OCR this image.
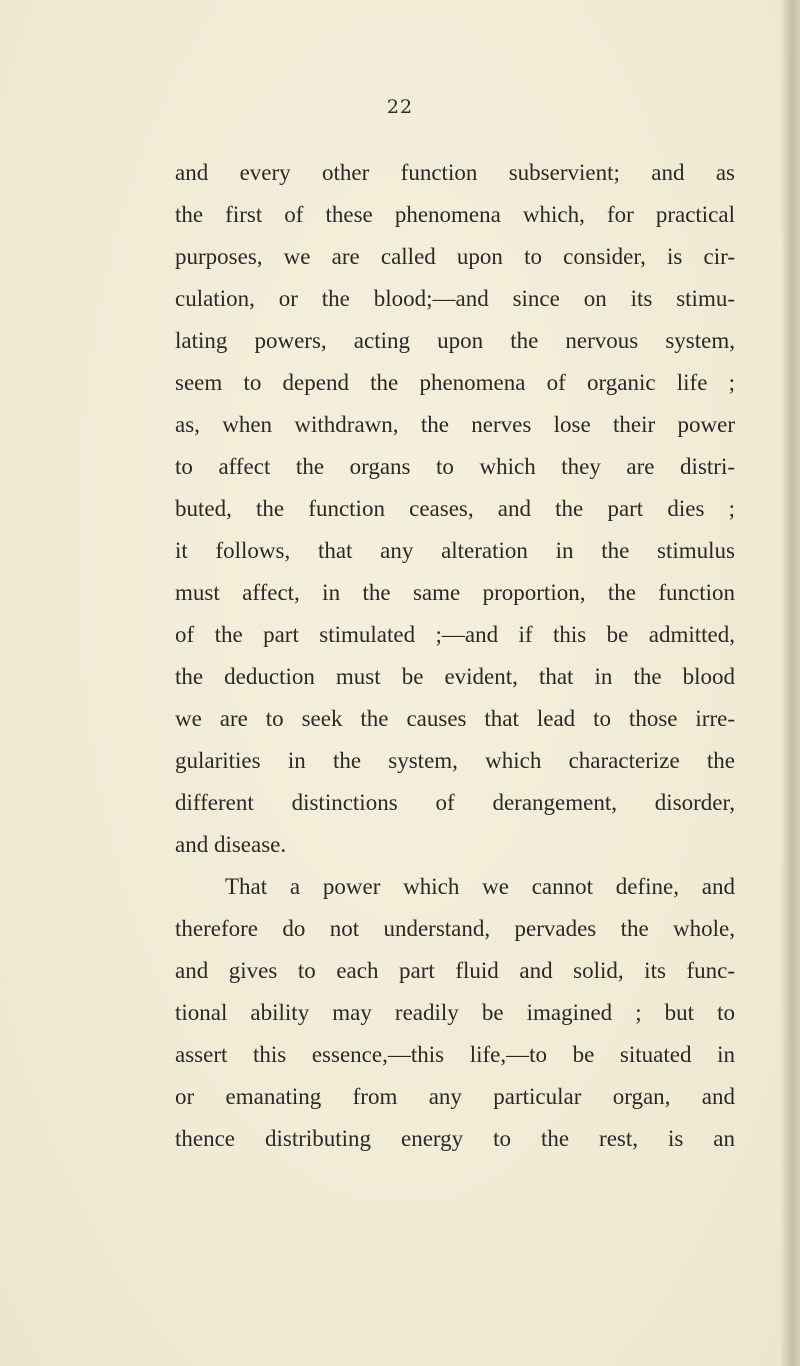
22
and every other function subservient; and as
the first of these phenomena which, for practical
purposes, we are called upon to consider, is cir-
culation, or the blood;—and since on its stimu-
lating powers, acting upon the nervous system,
seem to depend the phenomena of organic life ;
as, when withdrawn, the nerves lose their power
to affect the organs to which they are distri-
buted, the function ceases, and the part dies ;
it follows, that any alteration in the stimulus
must affect, in the same proportion, the function
of the part stimulated ;—and if this be admitted,
the deduction must be evident, that in the blood
we are to seek the causes that lead to those irre-
gularities in the system, which characterize the
different distinctions of derangement, disorder,
and disease.
That a power which we cannot define, and
therefore do not understand, pervades the whole,
and gives to each part fluid and solid, its func-
tional ability may readily be imagined ; but to
assert this essence,—this life,—to be situated in
or emanating from any particular organ, and
thence distributing energy to the rest, is an
